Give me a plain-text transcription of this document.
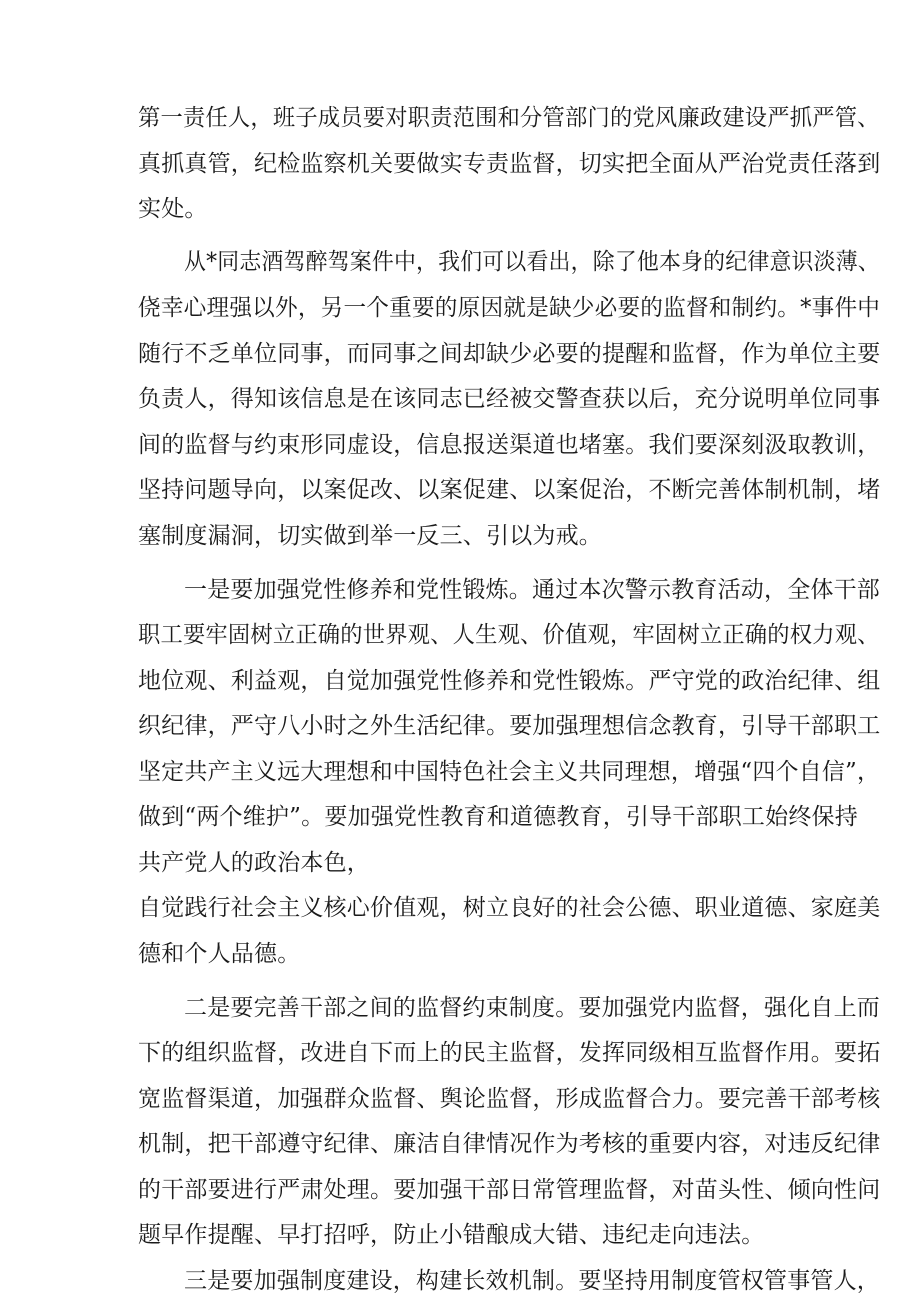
第一责任人，班子成员要对职责范围和分管部门的党风廉政建设严抓严管、
真抓真管，纪检监察机关要做实专责监督，切实把全面从严治党责任落到
实处。
从*同志酒驾醉驾案件中，我们可以看出，除了他本身的纪律意识淡薄、
侥幸心理强以外，另一个重要的原因就是缺少必要的监督和制约。*事件中
随行不乏单位同事，而同事之间却缺少必要的提醒和监督，作为单位主要
负责人，得知该信息是在该同志已经被交警查获以后，充分说明单位同事
间的监督与约束形同虚设，信息报送渠道也堵塞。我们要深刻汲取教训，
坚持问题导向，以案促改、以案促建、以案促治，不断完善体制机制，堵
塞制度漏洞，切实做到举一反三、引以为戒。
一是要加强党性修养和党性锻炼。通过本次警示教育活动，全体干部
职工要牢固树立正确的世界观、人生观、价值观，牢固树立正确的权力观、
地位观、利益观，自觉加强党性修养和党性锻炼。严守党的政治纪律、组
织纪律，严守八小时之外生活纪律。要加强理想信念教育，引导干部职工
坚定共产主义远大理想和中国特色社会主义共同理想，增强“四个自信”，
做到“两个维护”。要加强党性教育和道德教育，引导干部职工始终保持
共产党人的政治本色，
自觉践行社会主义核心价值观，树立良好的社会公德、职业道德、家庭美
德和个人品德。
二是要完善干部之间的监督约束制度。要加强党内监督，强化自上而
下的组织监督，改进自下而上的民主监督，发挥同级相互监督作用。要拓
宽监督渠道，加强群众监督、舆论监督，形成监督合力。要完善干部考核
机制，把干部遵守纪律、廉洁自律情况作为考核的重要内容，对违反纪律
的干部要进行严肃处理。要加强干部日常管理监督，对苗头性、倾向性问
题早作提醒、早打招呼，防止小错酿成大错、违纪走向违法。
三是要加强制度建设，构建长效机制。要坚持用制度管权管事管人，
